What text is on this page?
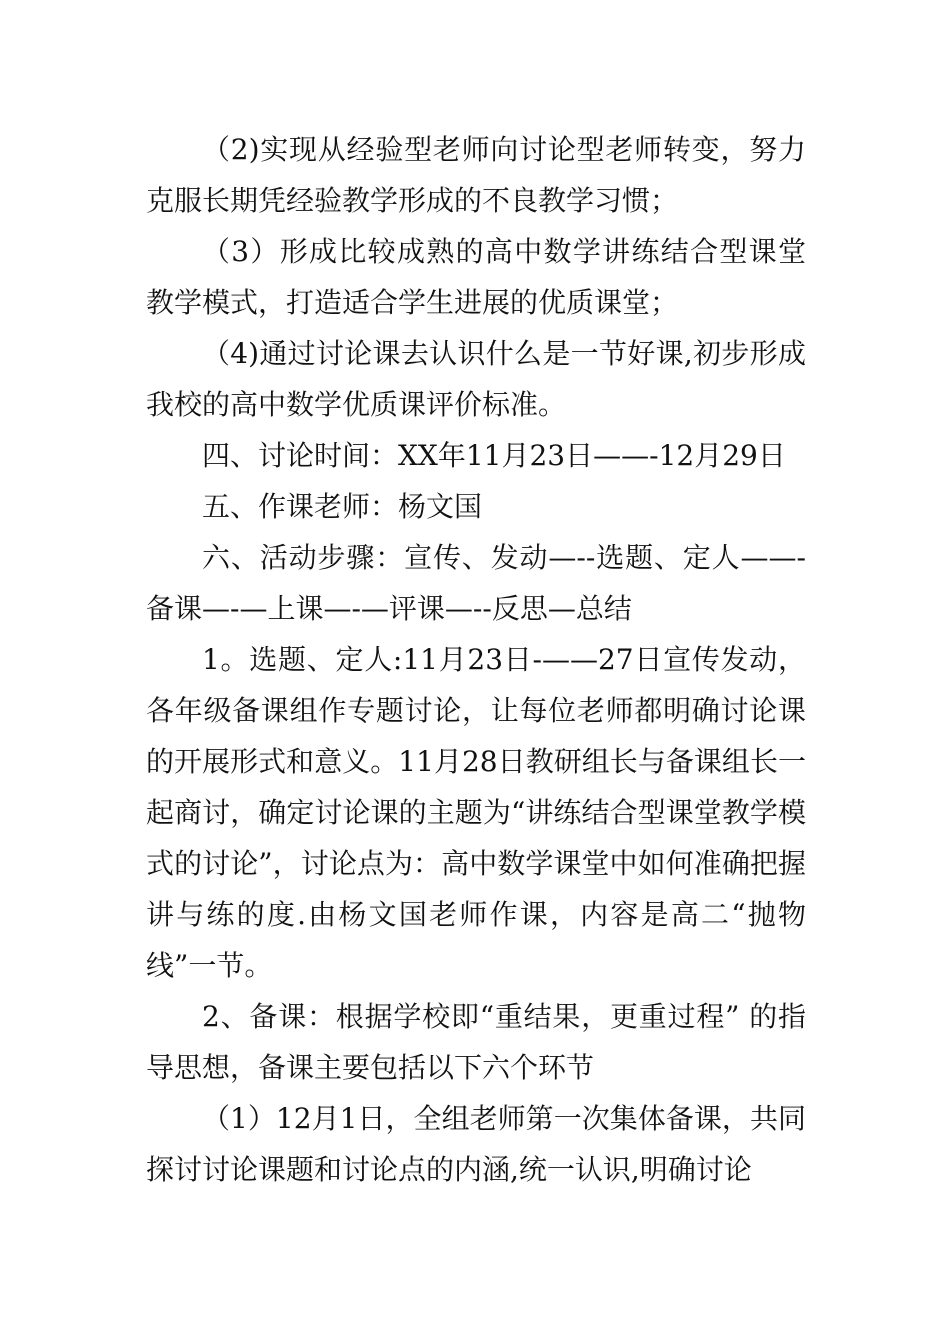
（2)实现从经验型老师向讨论型老师转变，努力克服长期凭经验教学形成的不良教学习惯；

（3）形成比较成熟的高中数学讲练结合型课堂教学模式，打造适合学生进展的优质课堂；

（4)通过讨论课去认识什么是一节好课,初步形成我校的高中数学优质课评价标准。

四、讨论时间：XX年11月23日——-12月29日

五、作课老师：杨文国

六、活动步骤：宣传、发动—--选题、定人——-备课—-—上课—-—评课—--反思—总结

1。选题、定人:11月23日-——27日宣传发动，各年级备课组作专题讨论，让每位老师都明确讨论课的开展形式和意义。11月28日教研组长与备课组长一起商讨，确定讨论课的主题为“讲练结合型课堂教学模式的讨论”，讨论点为：高中数学课堂中如何准确把握讲与练的度.由杨文国老师作课，内容是高二“抛物线”一节。

2、备课：根据学校即“重结果，更重过程” 的指导思想，备课主要包括以下六个环节

（1）12月1日，全组老师第一次集体备课，共同探讨讨论课题和讨论点的内涵,统一认识,明确讨论
